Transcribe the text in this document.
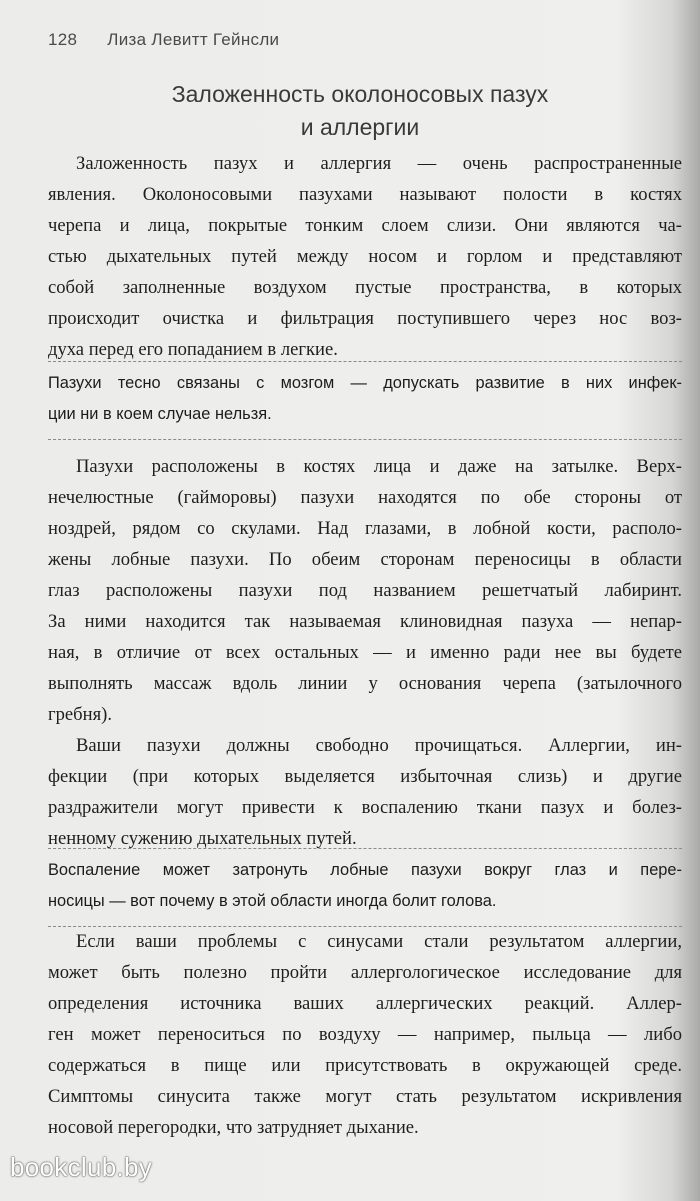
128 Лиза Левитт Гейнсли
Заложенность околоносовых пазух
и аллергии
Заложенность пазух и аллергия — очень распространенные
явления. Околоносовыми пазухами называют полости в костях
черепа и лица, покрытые тонким слоем слизи. Они являются ча-
стью дыхательных путей между носом и горлом и представляют
собой заполненные воздухом пустые пространства, в которых
происходит очистка и фильтрация поступившего через нос воз-
духа перед его попаданием в легкие.
Пазухи тесно связаны с мозгом — допускать развитие в них инфек-
ции ни в коем случае нельзя.
Пазухи расположены в костях лица и даже на затылке. Верх-
нечелюстные (гайморовы) пазухи находятся по обе стороны от
ноздрей, рядом со скулами. Над глазами, в лобной кости, располо-
жены лобные пазухи. По обеим сторонам переносицы в области
глаз расположены пазухи под названием решетчатый лабиринт.
За ними находится так называемая клиновидная пазуха — непар-
ная, в отличие от всех остальных — и именно ради нее вы будете
выполнять массаж вдоль линии у основания черепа (затылочного
гребня).
Ваши пазухи должны свободно прочищаться. Аллергии, ин-
фекции (при которых выделяется избыточная слизь) и другие
раздражители могут привести к воспалению ткани пазух и болез-
ненному сужению дыхательных путей.
Воспаление может затронуть лобные пазухи вокруг глаз и пере-
носицы — вот почему в этой области иногда болит голова.
Если ваши проблемы с синусами стали результатом аллергии,
может быть полезно пройти аллергологическое исследование для
определения источника ваших аллергических реакций. Аллер-
ген может переноситься по воздуху — например, пыльца — либо
содержаться в пище или присутствовать в окружающей среде.
Симптомы синусита также могут стать результатом искривления
носовой перегородки, что затрудняет дыхание.
bookclub.by
